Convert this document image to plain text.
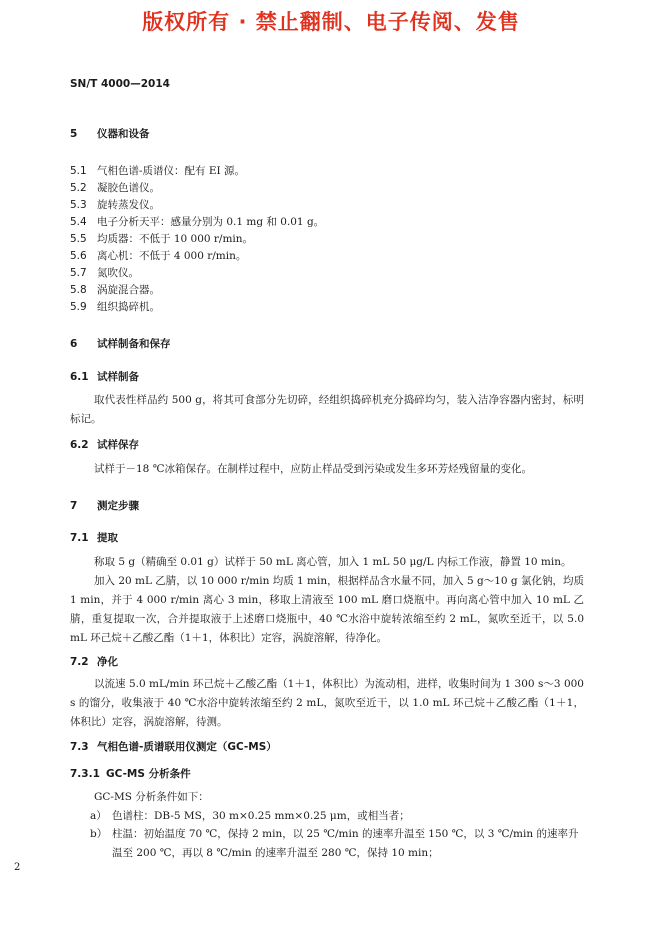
版权所有 · 禁止翻制、电子传阅、发售
SN/T 4000—2014
5 仪器和设备
5.1 气相色谱-质谱仪：配有 EI 源。
5.2 凝胶色谱仪。
5.3 旋转蒸发仪。
5.4 电子分析天平：感量分别为 0.1 mg 和 0.01 g。
5.5 均质器：不低于 10 000 r/min。
5.6 离心机：不低于 4 000 r/min。
5.7 氮吹仪。
5.8 涡旋混合器。
5.9 组织捣碎机。
6 试样制备和保存
6.1 试样制备
取代表性样品约 500 g，将其可食部分先切碎，经组织捣碎机充分捣碎均匀，装入洁净容器内密封，标明标记。
6.2 试样保存
试样于－18 ℃冰箱保存。在制样过程中，应防止样品受到污染或发生多环芳烃残留量的变化。
7 测定步骤
7.1 提取
称取 5 g（精确至 0.01 g）试样于 50 mL 离心管，加入 1 mL 50 μg/L 内标工作液，静置 10 min。
加入 20 mL 乙腈，以 10 000 r/min 均质 1 min，根据样品含水量不同，加入 5 g～10 g 氯化钠，均质 1 min，并于 4 000 r/min 离心 3 min，移取上清液至 100 mL 磨口烧瓶中。再向离心管中加入 10 mL 乙腈，重复提取一次，合并提取液于上述磨口烧瓶中，40 ℃水浴中旋转浓缩至约 2 mL，氮吹至近干，以 5.0 mL 环己烷＋乙酸乙酯（1＋1，体积比）定容，涡旋溶解，待净化。
7.2 净化
以流速 5.0 mL/min 环己烷＋乙酸乙酯（1＋1，体积比）为流动相，进样，收集时间为 1 300 s～3 000 s 的馏分，收集液于 40 ℃水浴中旋转浓缩至约 2 mL，氮吹至近干，以 1.0 mL 环己烷＋乙酸乙酯（1＋1，体积比）定容，涡旋溶解，待测。
7.3 气相色谱-质谱联用仪测定（GC-MS）
7.3.1 GC-MS 分析条件
GC-MS 分析条件如下：
a） 色谱柱：DB-5 MS，30 m×0.25 mm×0.25 μm，或相当者；
b） 柱温：初始温度 70 ℃，保持 2 min，以 25 ℃/min 的速率升温至 150 ℃，以 3 ℃/min 的速率升温至 200 ℃，再以 8 ℃/min 的速率升温至 280 ℃，保持 10 min；
2
